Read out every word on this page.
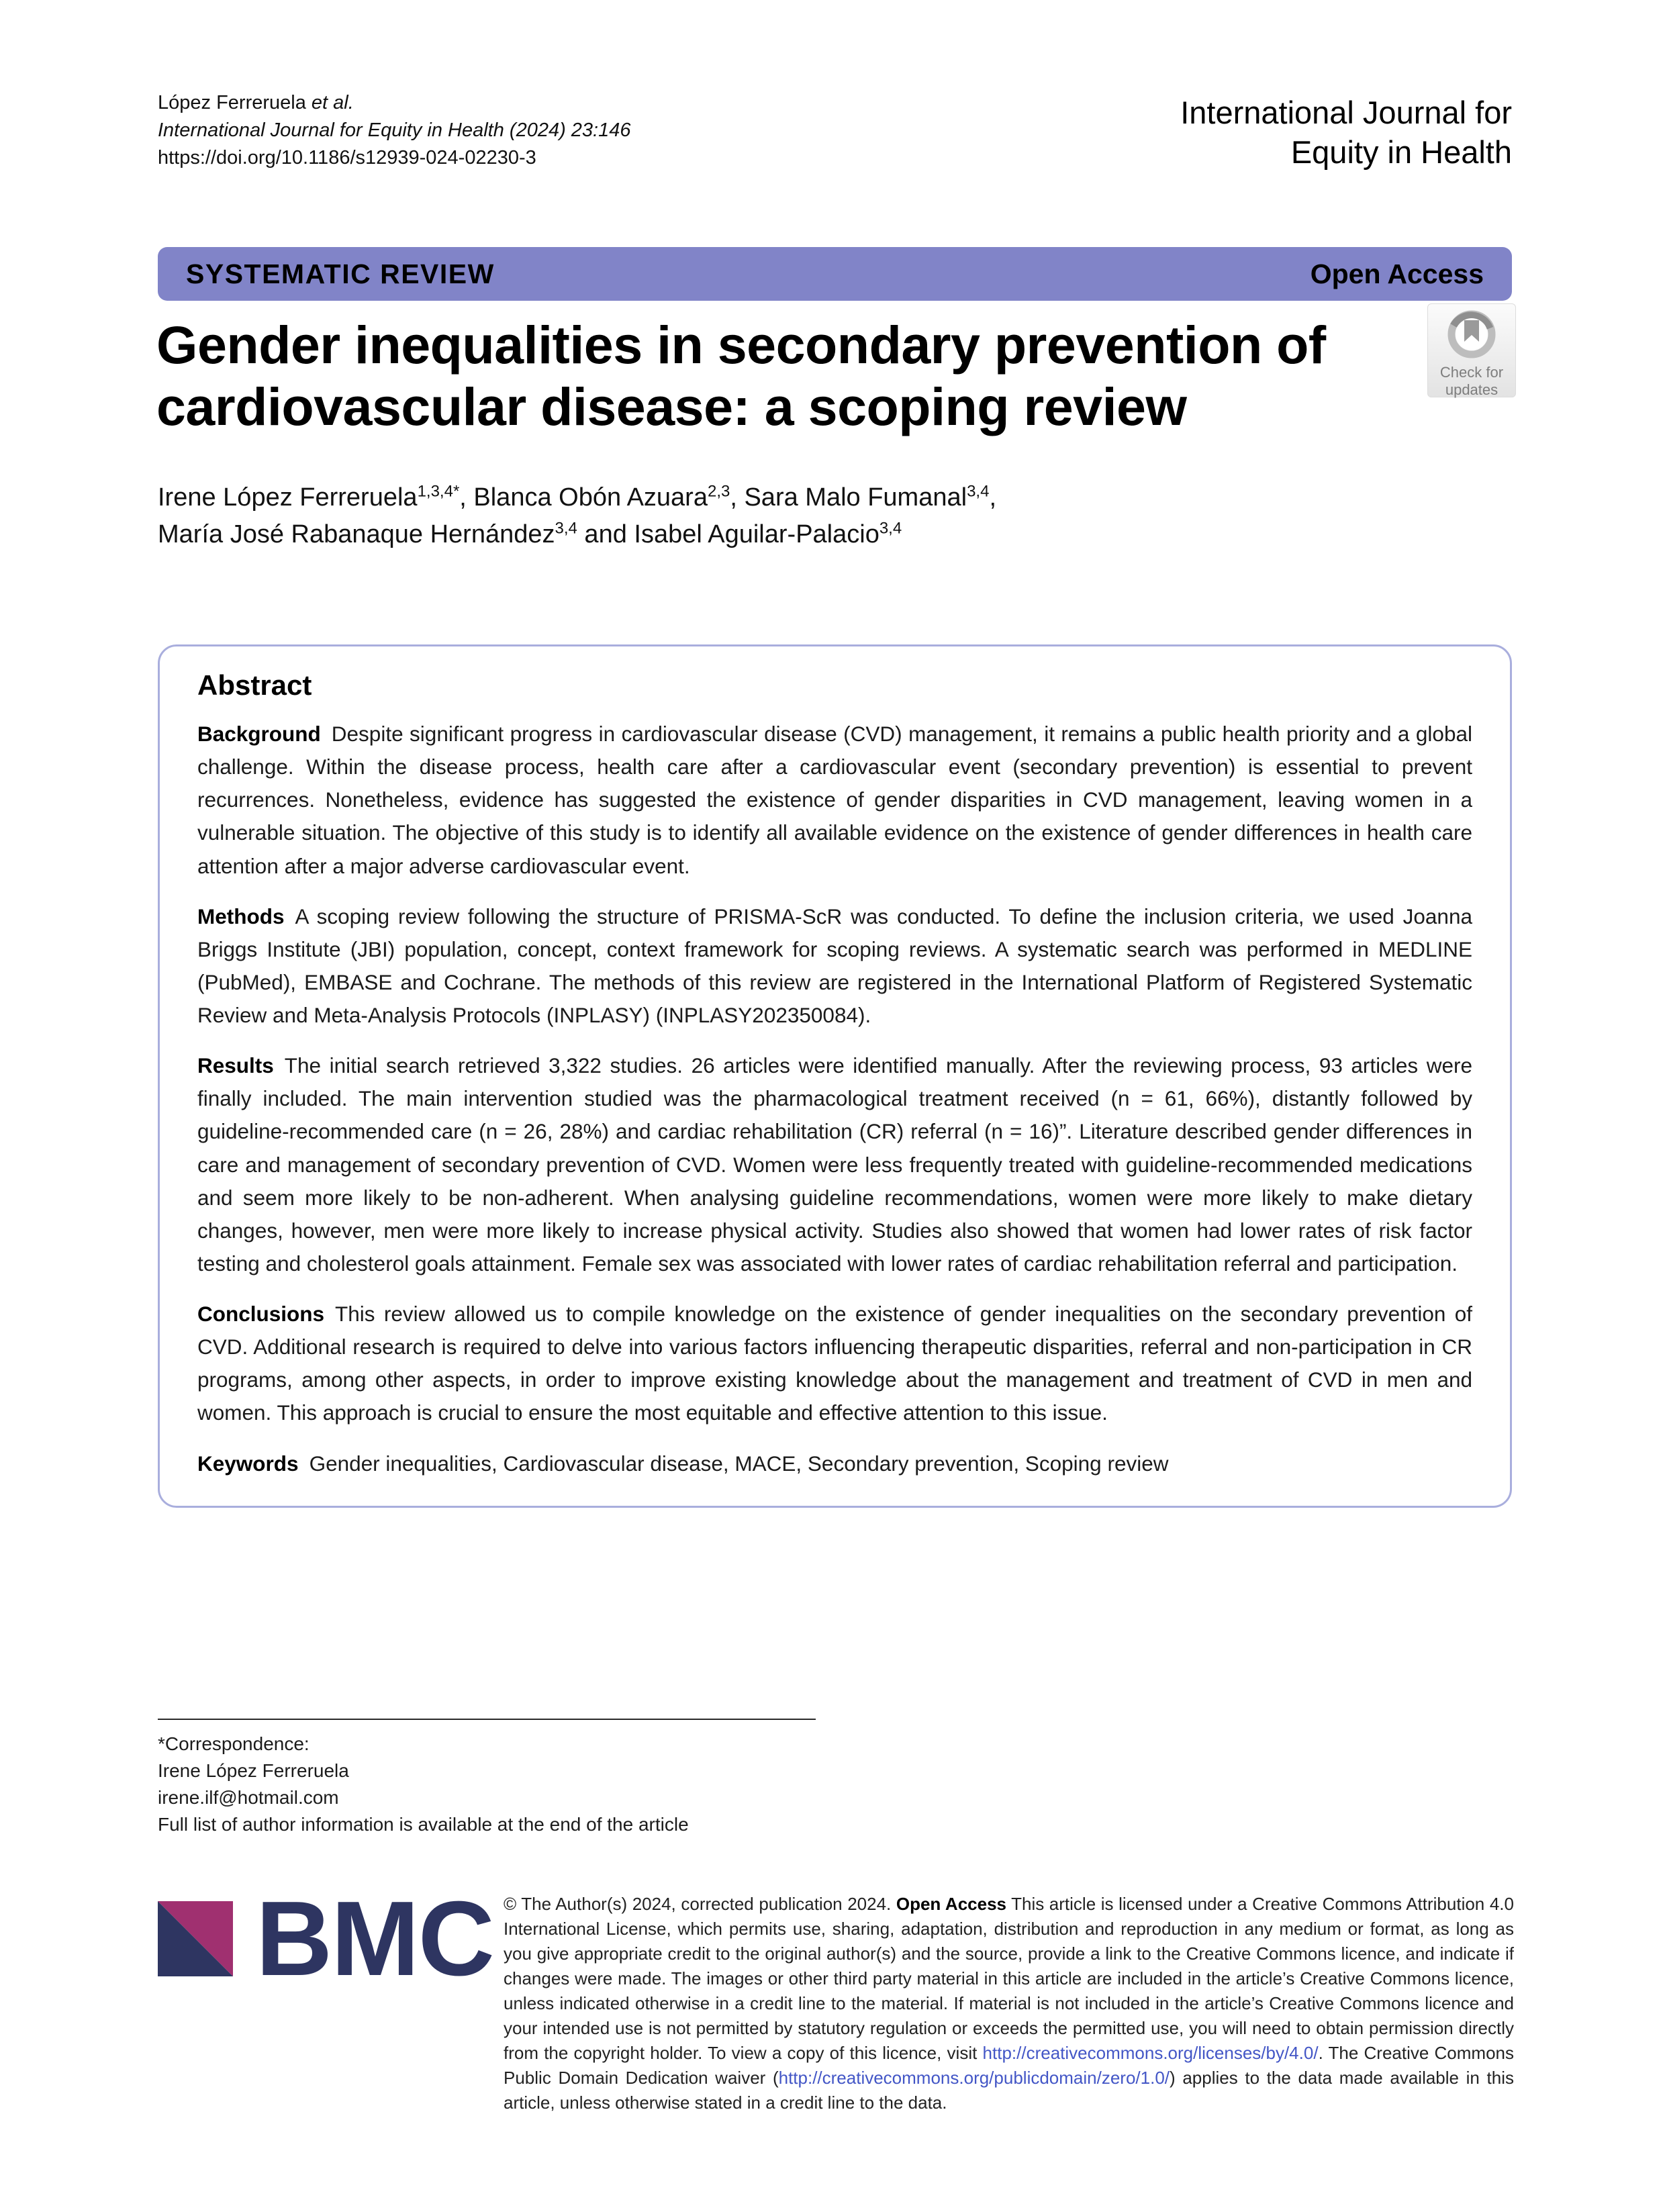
López Ferreruela et al.
International Journal for Equity in Health (2024) 23:146
https://doi.org/10.1186/s12939-024-02230-3
International Journal for
Equity in Health
SYSTEMATIC REVIEW	Open Access
Gender inequalities in secondary prevention of cardiovascular disease: a scoping review
Check for
updates
Irene López Ferreruela$^{1,3,4*}$, Blanca Obón Azuara$^{2,3}$, Sara Malo Fumanal$^{3,4}$,
María José Rabanaque Hernández$^{3,4}$ and Isabel Aguilar-Palacio$^{3,4}$
Abstract

Background Despite significant progress in cardiovascular disease (CVD) management, it remains a public health priority and a global challenge. Within the disease process, health care after a cardiovascular event (secondary prevention) is essential to prevent recurrences. Nonetheless, evidence has suggested the existence of gender disparities in CVD management, leaving women in a vulnerable situation. The objective of this study is to identify all available evidence on the existence of gender differences in health care attention after a major adverse cardiovascular event.

Methods A scoping review following the structure of PRISMA-ScR was conducted. To define the inclusion criteria, we used Joanna Briggs Institute (JBI) population, concept, context framework for scoping reviews. A systematic search was performed in MEDLINE (PubMed), EMBASE and Cochrane. The methods of this review are registered in the International Platform of Registered Systematic Review and Meta-Analysis Protocols (INPLASY) (INPLASY202350084).

Results The initial search retrieved 3,322 studies. 26 articles were identified manually. After the reviewing process, 93 articles were finally included. The main intervention studied was the pharmacological treatment received (n = 61, 66%), distantly followed by guideline-recommended care (n = 26, 28%) and cardiac rehabilitation (CR) referral (n = 16)”. Literature described gender differences in care and management of secondary prevention of CVD. Women were less frequently treated with guideline-recommended medications and seem more likely to be non-adherent. When analysing guideline recommendations, women were more likely to make dietary changes, however, men were more likely to increase physical activity. Studies also showed that women had lower rates of risk factor testing and cholesterol goals attainment. Female sex was associated with lower rates of cardiac rehabilitation referral and participation.

Conclusions This review allowed us to compile knowledge on the existence of gender inequalities on the secondary prevention of CVD. Additional research is required to delve into various factors influencing therapeutic disparities, referral and non-participation in CR programs, among other aspects, in order to improve existing knowledge about the management and treatment of CVD in men and women. This approach is crucial to ensure the most equitable and effective attention to this issue.

Keywords Gender inequalities, Cardiovascular disease, MACE, Secondary prevention, Scoping review

*Correspondence:
Irene López Ferreruela
irene.ilf@hotmail.com
Full list of author information is available at the end of the article
BMC © The Author(s) 2024, corrected publication 2024. Open Access This article is licensed under a Creative Commons Attribution 4.0 International License, which permits use, sharing, adaptation, distribution and reproduction in any medium or format, as long as you give appropriate credit to the original author(s) and the source, provide a link to the Creative Commons licence, and indicate if changes were made. The images or other third party material in this article are included in the article’s Creative Commons licence, unless indicated otherwise in a credit line to the material. If material is not included in the article’s Creative Commons licence and your intended use is not permitted by statutory regulation or exceeds the permitted use, you will need to obtain permission directly from the copyright holder. To view a copy of this licence, visit http://creativecommons.org/licenses/by/4.0/. The Creative Commons Public Domain Dedication waiver (http://creativecommons.org/publicdomain/zero/1.0/) applies to the data made available in this article, unless otherwise stated in a credit line to the data.
